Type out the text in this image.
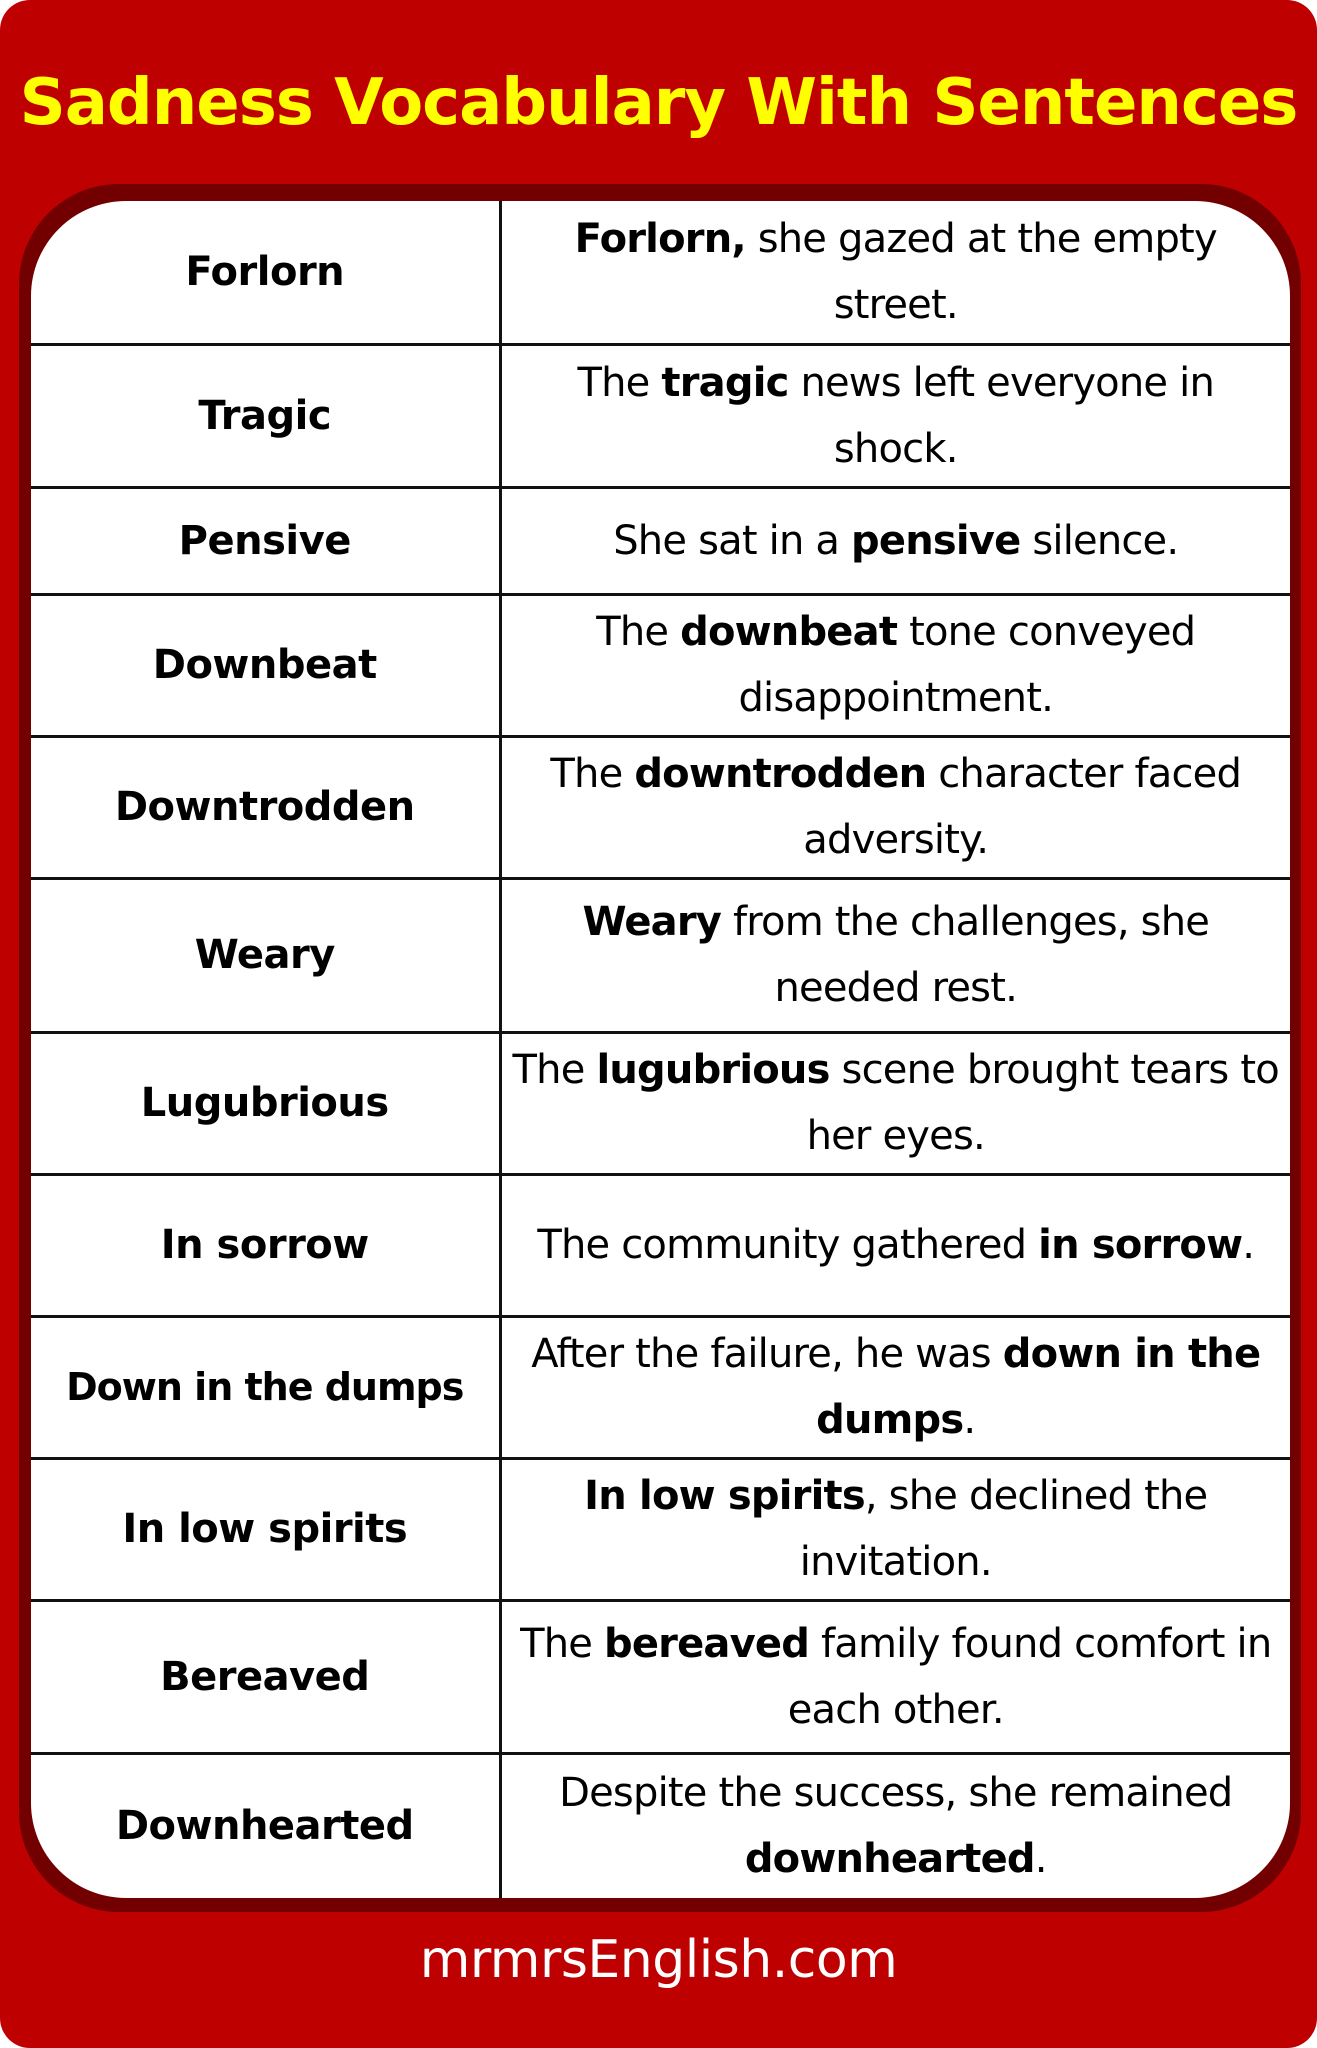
Sadness Vocabulary With Sentences
Forlorn	Forlorn, she gazed at the empty street.
Tragic	The tragic news left everyone in shock.
Pensive	She sat in a pensive silence.
Downbeat	The downbeat tone conveyed disappointment.
Downtrodden	The downtrodden character faced adversity.
Weary	Weary from the challenges, she needed rest.
Lugubrious	The lugubrious scene brought tears to her eyes.
In sorrow	The community gathered in sorrow.
Down in the dumps	After the failure, he was down in the dumps.
In low spirits	In low spirits, she declined the invitation.
Bereaved	The bereaved family found comfort in each other.
Downhearted	Despite the success, she remained downhearted.
mrmrsEnglish.com
